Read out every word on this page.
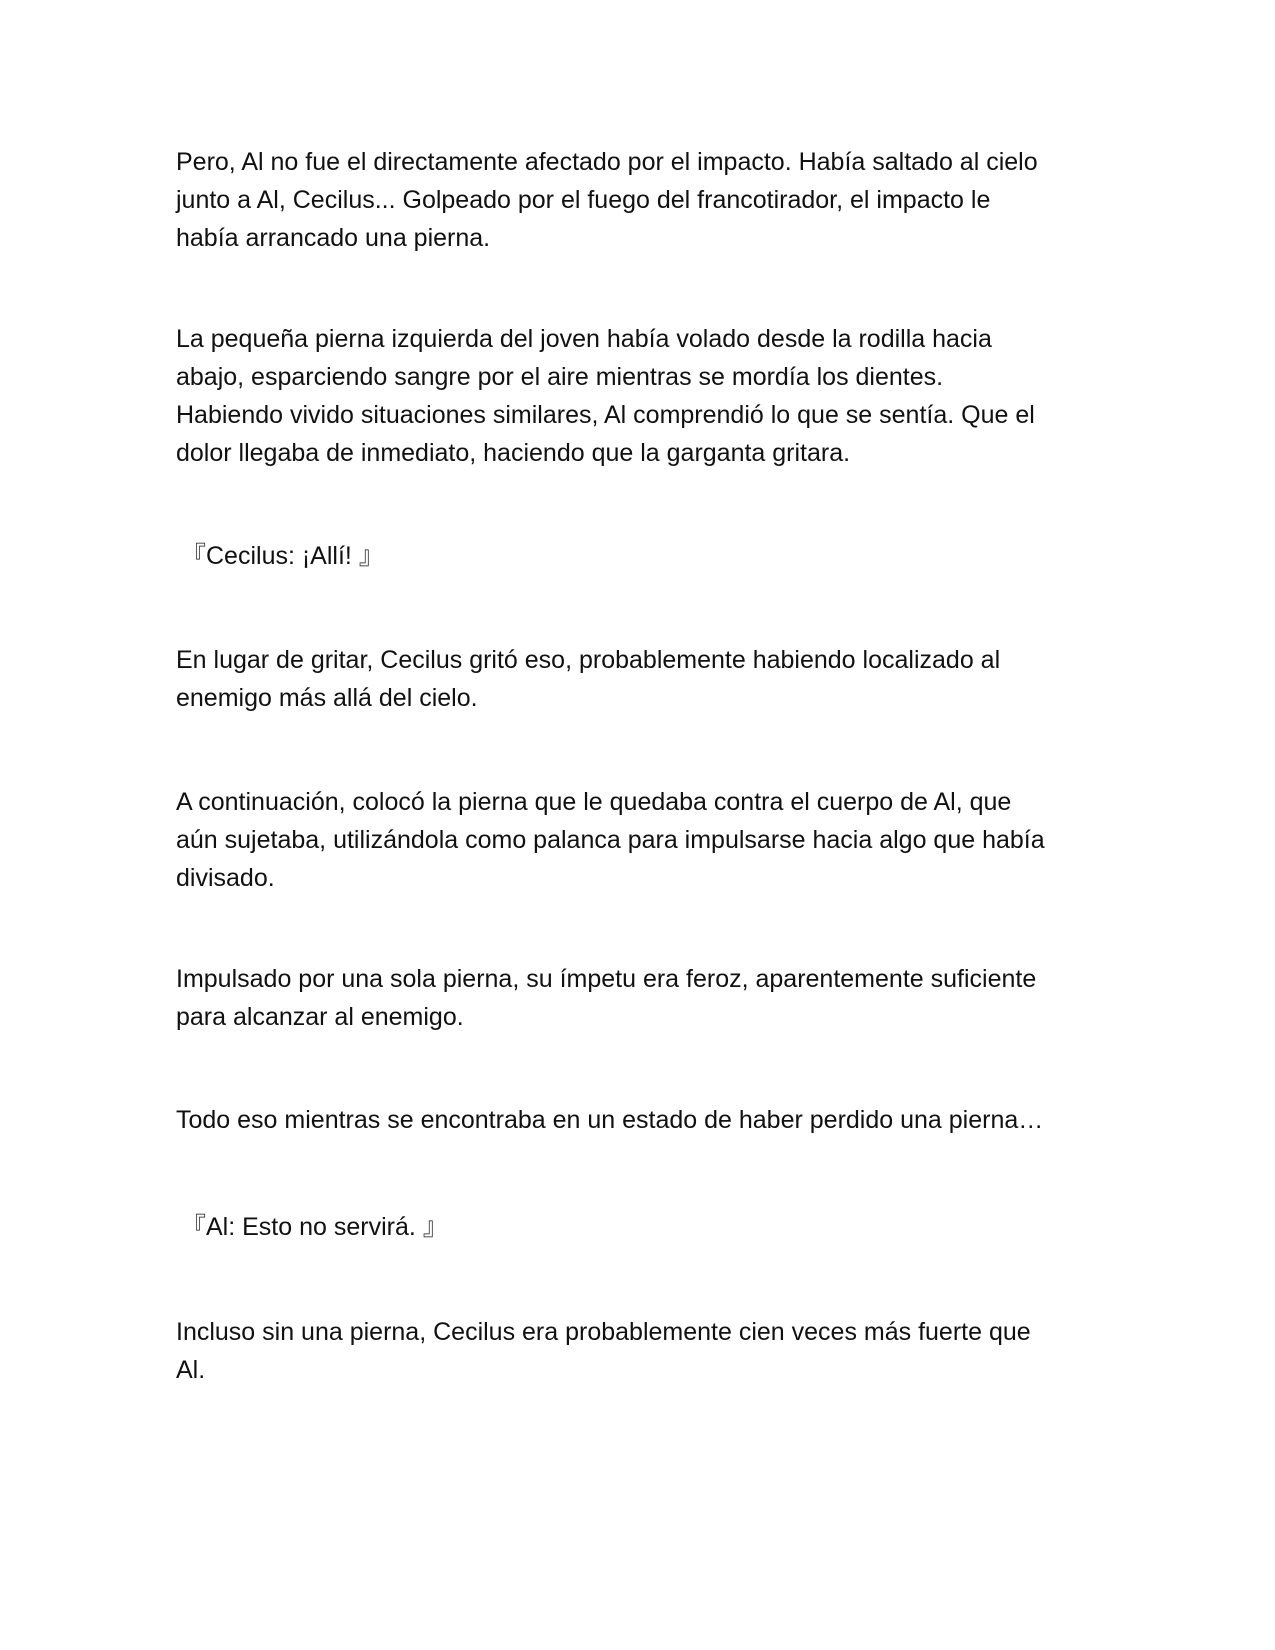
Pero, Al no fue el directamente afectado por el impacto. Había saltado al cielo
junto a Al, Cecilus... Golpeado por el fuego del francotirador, el impacto le
había arrancado una pierna.

La pequeña pierna izquierda del joven había volado desde la rodilla hacia
abajo, esparciendo sangre por el aire mientras se mordía los dientes.
Habiendo vivido situaciones similares, Al comprendió lo que se sentía. Que el
dolor llegaba de inmediato, haciendo que la garganta gritara.

『Cecilus: ¡Allí! 』

En lugar de gritar, Cecilus gritó eso, probablemente habiendo localizado al
enemigo más allá del cielo.

A continuación, colocó la pierna que le quedaba contra el cuerpo de Al, que
aún sujetaba, utilizándola como palanca para impulsarse hacia algo que había
divisado.

Impulsado por una sola pierna, su ímpetu era feroz, aparentemente suficiente
para alcanzar al enemigo.

Todo eso mientras se encontraba en un estado de haber perdido una pierna…

『Al: Esto no servirá. 』

Incluso sin una pierna, Cecilus era probablemente cien veces más fuerte que
Al.
